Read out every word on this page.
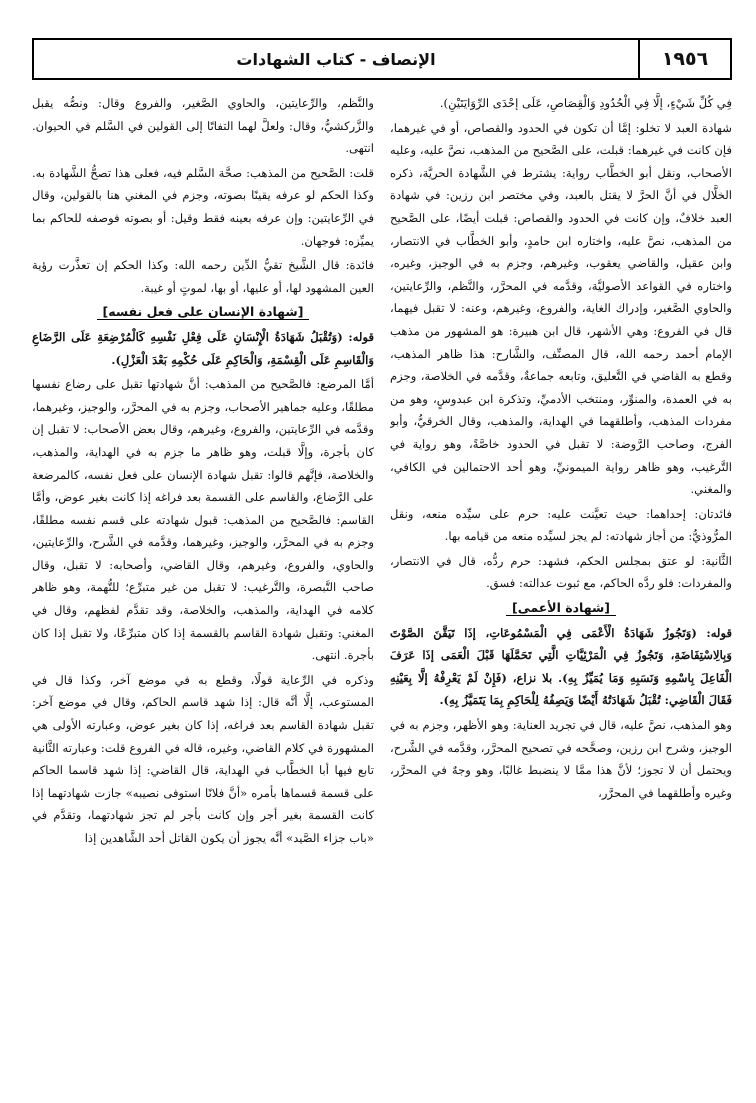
١٩٥٦
الإنصاف - كتاب الشهادات

فِي كُلِّ شَيْءٍ، إلَّا فِي الْحُدُودِ وَالْقِصَاصِ، عَلَى إحْدَى الرِّوَايَتَيْنِ).

شهادة العبد لا تخلو: إمَّا أن تكون في الحدود والقصاص، أو في غيرهما، فإن كانت في غيرهما: قبلت، على الصَّحيح من المذهب، نصَّ عليه، وعليه الأصحاب، ونقل أبو الخطَّاب رواية: يشترط في الشَّهادة الحريَّة، ذكره الخلَّال في أنَّ الحرَّ لا يقتل بالعبد، وفي مختصر ابن رزين: في شهادة العبد خلافٌ، وإن كانت في الحدود والقصاص: قبلت أيضًا، على الصَّحيح من المذهب، نصَّ عليه، واختاره ابن حامدٍ، وأبو الخطَّاب في الانتصار، وابن عقيل، والقاضي يعقوب، وغيرهم، وجزم به في الوجيز، وغيره، واختاره في القواعد الأصوليَّة، وقدَّمه في المحرَّر، والنَّظم، والرِّعايتين، والحاوي الصَّغير، وإدراك الغاية، والفروع، وغيرهم، وعنه: لا تقبل فيهما، قال في الفروع: وهي الأشهر، قال ابن هبيرة: هو المشهور من مذهب الإمام أحمد رحمه الله، قال المصنِّف، والشَّارح: هذا ظاهر المذهب، وقطع به القاضي في التَّعليق، وتابعه جماعةٌ، وقدَّمه في الخلاصة، وجزم به في العمدة، والمنوِّر، ومنتخب الأدميِّ، وتذكرة ابن عبدوسٍ، وهو من مفردات المذهب، وأطلقهما في الهداية، والمذهب، وقال الخرقيُّ، وأبو الفرج، وصاحب الرَّوضة: لا تقبل في الحدود خاصَّةً، وهو رواية في التَّرغيب، وهو ظاهر رواية الميمونيِّ، وهو أحد الاحتمالين في الكافي، والمغني.

فائدتان: إحداهما: حيث تعيَّنت عليه: حرم على سيِّده منعه، ونقل المرُّوذيُّ: من أجاز شهادته: لم يجز لسيِّده منعه من قيامه بها.

الثَّانية: لو عتق بمجلس الحكم، فشهد: حرم ردُّه، قال في الانتصار، والمفردات: فلو ردَّه الحاكم، مع ثبوت عدالته: فسق.

[شهادة الأعمى]

قوله: (وَتَجُوزُ شَهَادَةُ الْأَعْمَى فِي الْمَسْمُوعَاتِ، إذَا تَيَقَّنَ الصَّوْتَ وَبِالِاسْتِفَاضَةِ، وَتَجُوزُ فِي الْمَرْئِيَّاتِ الَّتِي تَحَمَّلَهَا قَبْلَ الْعَمَى إذَا عَرَفَ الْفَاعِلَ بِاسْمِهِ وَنَسَبِهِ وَمَا يُمَيِّزُ بِهِ). بلا نزاع، (فَإِنْ لَمْ يَعْرِفْهُ إلَّا بِعَيْنِهِ فَقَالَ الْقَاضِي: تُقْبَلُ شَهَادَتُهُ أَيْضًا وَيَصِفُهُ لِلْحَاكِمِ بِمَا يَتَمَيَّزُ بِهِ).

وهو المذهب، نصَّ عليه، قال في تجريد العناية: وهو الأظهر، وجزم به في الوجيز، وشرح ابن رزين، وصحَّحه في تصحيح المحرَّر، وقدَّمه في الشَّرح، ويحتمل أن لا تجوز؛ لأنَّ هذا ممَّا لا ينضبط غالبًا، وهو وجهٌ في المحرَّر، وغيره وأطلقهما في المحرَّر،

والنَّظم، والرِّعايتين، والحاوي الصَّغير، والفروع وقال: ونصُّه يقبل والزَّركشيُّ، وقال: ولعلَّ لهما التفاتًا إلى القولين في السَّلم في الحيوان. انتهى.

قلت: الصَّحيح من المذهب: صحَّة السَّلم فيه، فعلى هذا تصحُّ الشَّهادة به. وكذا الحكم لو عرفه يقينًا بصوته، وجزم في المغني هنا بالقولين، وقال في الرِّعايتين: وإن عرفه بعينه فقط وقيل: أو بصوته فوصفه للحاكم بما يميِّزه: فوجهان.

فائدة: قال الشَّيخ تقيُّ الدِّين رحمه الله: وكذا الحكم إن تعذَّرت رؤية العين المشهود لها، أو عليها، أو بها، لموتٍ أو غيبة.

[شهادة الإنسان على فعل نفسه]

قوله: (وَتُقْبَلُ شَهَادَةُ الْإِنْسَانِ عَلَى فِعْلِ نَفْسِهِ كَالْمُرْضِعَةِ عَلَى الرَّضَاعِ وَالْقَاسِمِ عَلَى الْقِسْمَةِ، وَالْحَاكِمِ عَلَى حُكْمِهِ بَعْدَ الْعَزْلِ).

أمَّا المرضع: فالصَّحيح من المذهب: أنَّ شهادتها تقبل على رضاع نفسها مطلقًا، وعليه جماهير الأصحاب، وجزم به في المحرَّر، والوجيز، وغيرهما، وقدَّمه في الرِّعايتين، والفروع، وغيرهم، وقال بعض الأصحاب: لا تقبل إن كان بأجرة، وإلَّا قبلت، وهو ظاهر ما جزم به في الهداية، والمذهب، والخلاصة، فإنَّهم قالوا: تقبل شهادة الإنسان على فعل نفسه، كالمرضعة على الرَّضاع، والقاسم على القسمة بعد فراغه إذا كانت بغير عوض، وأمَّا القاسم: فالصَّحيح من المذهب: قبول شهادته على قسم نفسه مطلقًا، وجزم به في المحرَّر، والوجيز، وغيرهما، وقدَّمه في الشَّرح، والرِّعايتين، والحاوي، والفروع، وغيرهم، وقال القاضي، وأصحابه: لا تقبل، وقال صاحب التَّبصرة، والتَّرغيب: لا تقبل من غير متبرِّع؛ للتُّهمة، وهو ظاهر كلامه في الهداية، والمذهب، والخلاصة، وقد تقدَّم لفظهم، وقال في المغني: وتقبل شهادة القاسم بالقسمة إذا كان متبرِّعًا، ولا تقبل إذا كان بأجرة. انتهى.

وذكره في الرِّعاية قولًا، وقطع به في موضع آخر، وكذا قال في المستوعب، إلَّا أنَّه قال: إذا شهد قاسم الحاكم، وقال في موضع آخر: تقبل شهادة القاسم بعد فراغه، إذا كان بغير عوض، وعبارته الأولى هي المشهورة في كلام القاضي، وغيره، قاله في الفروع قلت: وعبارته الثَّانية تابع فيها أبا الخطَّاب في الهداية، قال القاضي: إذا شهد قاسما الحاكم على قسمة قسماها بأمره «أنَّ فلانًا استوفى نصيبه» جازت شهادتهما إذا كانت القسمة بغير أجر وإن كانت بأجر لم تجز شهادتهما، وتقدَّم في «باب جزاء الصَّيد» أنَّه يجوز أن يكون القاتل أحد الشَّاهدين إذا
